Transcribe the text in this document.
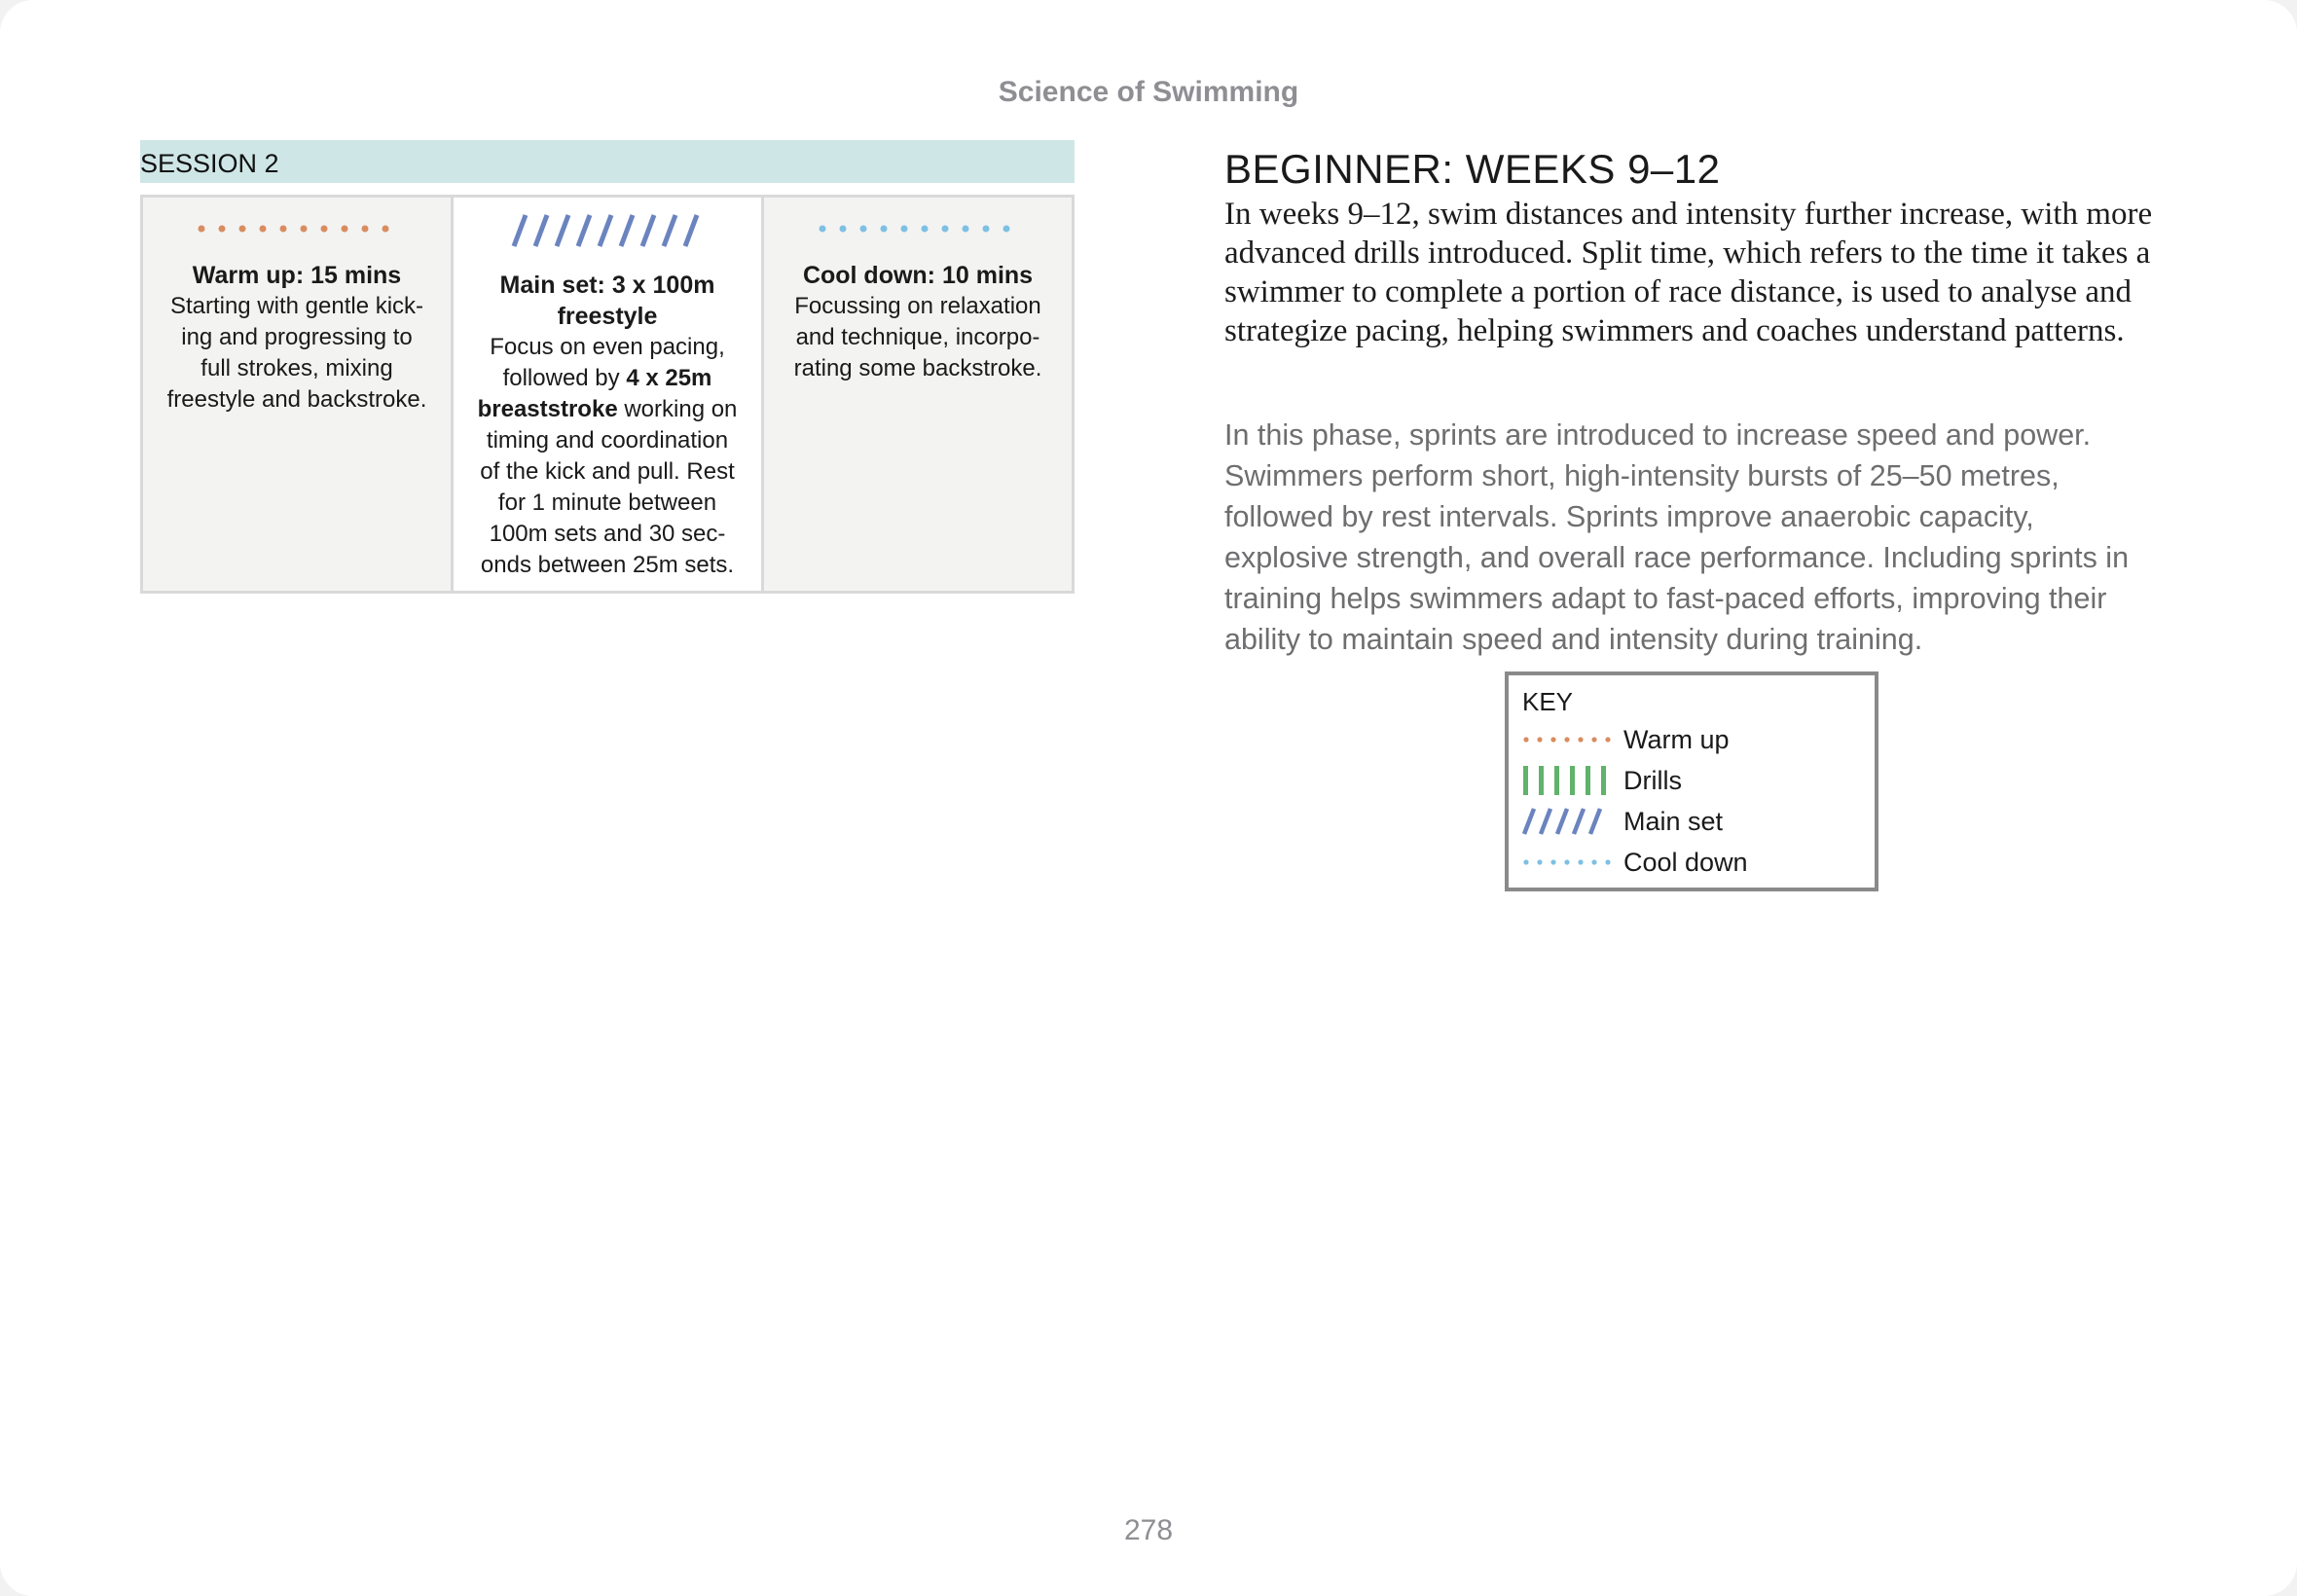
Science of Swimming
SESSION 2
Warm up: 15 mins
Starting with gentle kick-
ing and progressing to
full strokes, mixing
freestyle and backstroke.
Main set: 3 x 100m
freestyle
Focus on even pacing,
followed by 4 x 25m
breaststroke working on
timing and coordination
of the kick and pull. Rest
for 1 minute between
100m sets and 30 sec-
onds between 25m sets.
Cool down: 10 mins
Focussing on relaxation
and technique, incorpo-
rating some backstroke.
BEGINNER: WEEKS 9–12
In weeks 9–12, swim distances and intensity further increase, with more advanced drills introduced. Split time, which refers to the time it takes a swimmer to complete a portion of race distance, is used to analyse and strategize pacing, helping swimmers and coaches understand patterns.
In this phase, sprints are introduced to increase speed and power. Swimmers perform short, high-intensity bursts of 25–50 metres, followed by rest intervals. Sprints improve anaerobic capacity, explosive strength, and overall race performance. Including sprints in training helps swimmers adapt to fast-paced efforts, improving their ability to maintain speed and intensity during training.
KEY
Warm up
Drills
Main set
Cool down
278
